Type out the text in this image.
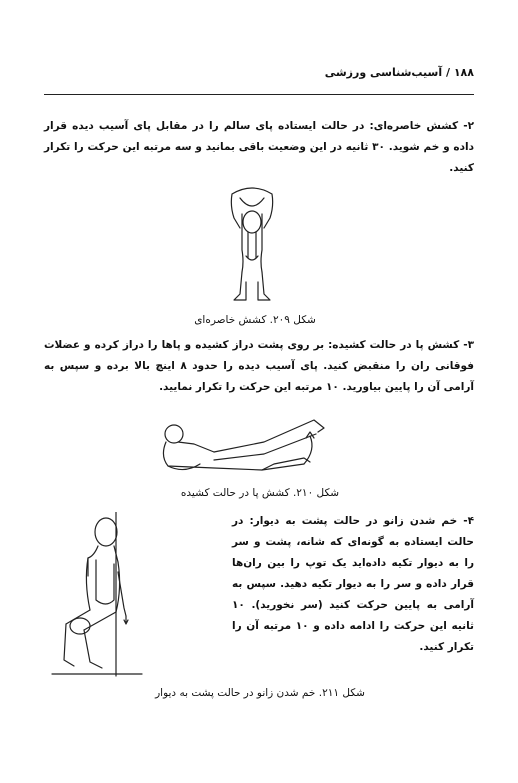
۱۸۸ / آسیب‌شناسی ورزشی

۲- کشش خاصره‌ای: در حالت ایستاده پای سالم را در مقابل پای آسیب دیده قرار داده و خم شوید. ۳۰ ثانیه در این وضعیت باقی بمانید و سه مرتبه این حرکت را تکرار کنید.

شکل ۲۰۹. کشش خاصره‌ای

۳- کشش پا در حالت کشیده: بر روی پشت دراز کشیده و پاها را دراز کرده و عضلات فوقانی ران را منقبض کنید. پای آسیب دیده را حدود ۸ اینچ بالا برده و سپس به آرامی آن را پایین بیاورید. ۱۰ مرتبه این حرکت را تکرار نمایید.

شکل ۲۱۰. کشش پا در حالت کشیده

۴- خم شدن زانو در حالت پشت به دیوار: در حالت ایستاده به گونه‌ای که شانه، پشت و سر را به دیوار تکیه داده‌اید یک توپ را بین ران‌ها قرار داده و سر را به دیوار تکیه دهید. سپس به آرامی به پایین حرکت کنید (سر نخورید). ۱۰ ثانیه این حرکت را ادامه داده و ۱۰ مرتبه آن را تکرار کنید.

شکل ۲۱۱. خم شدن زانو در حالت پشت به دیوار
